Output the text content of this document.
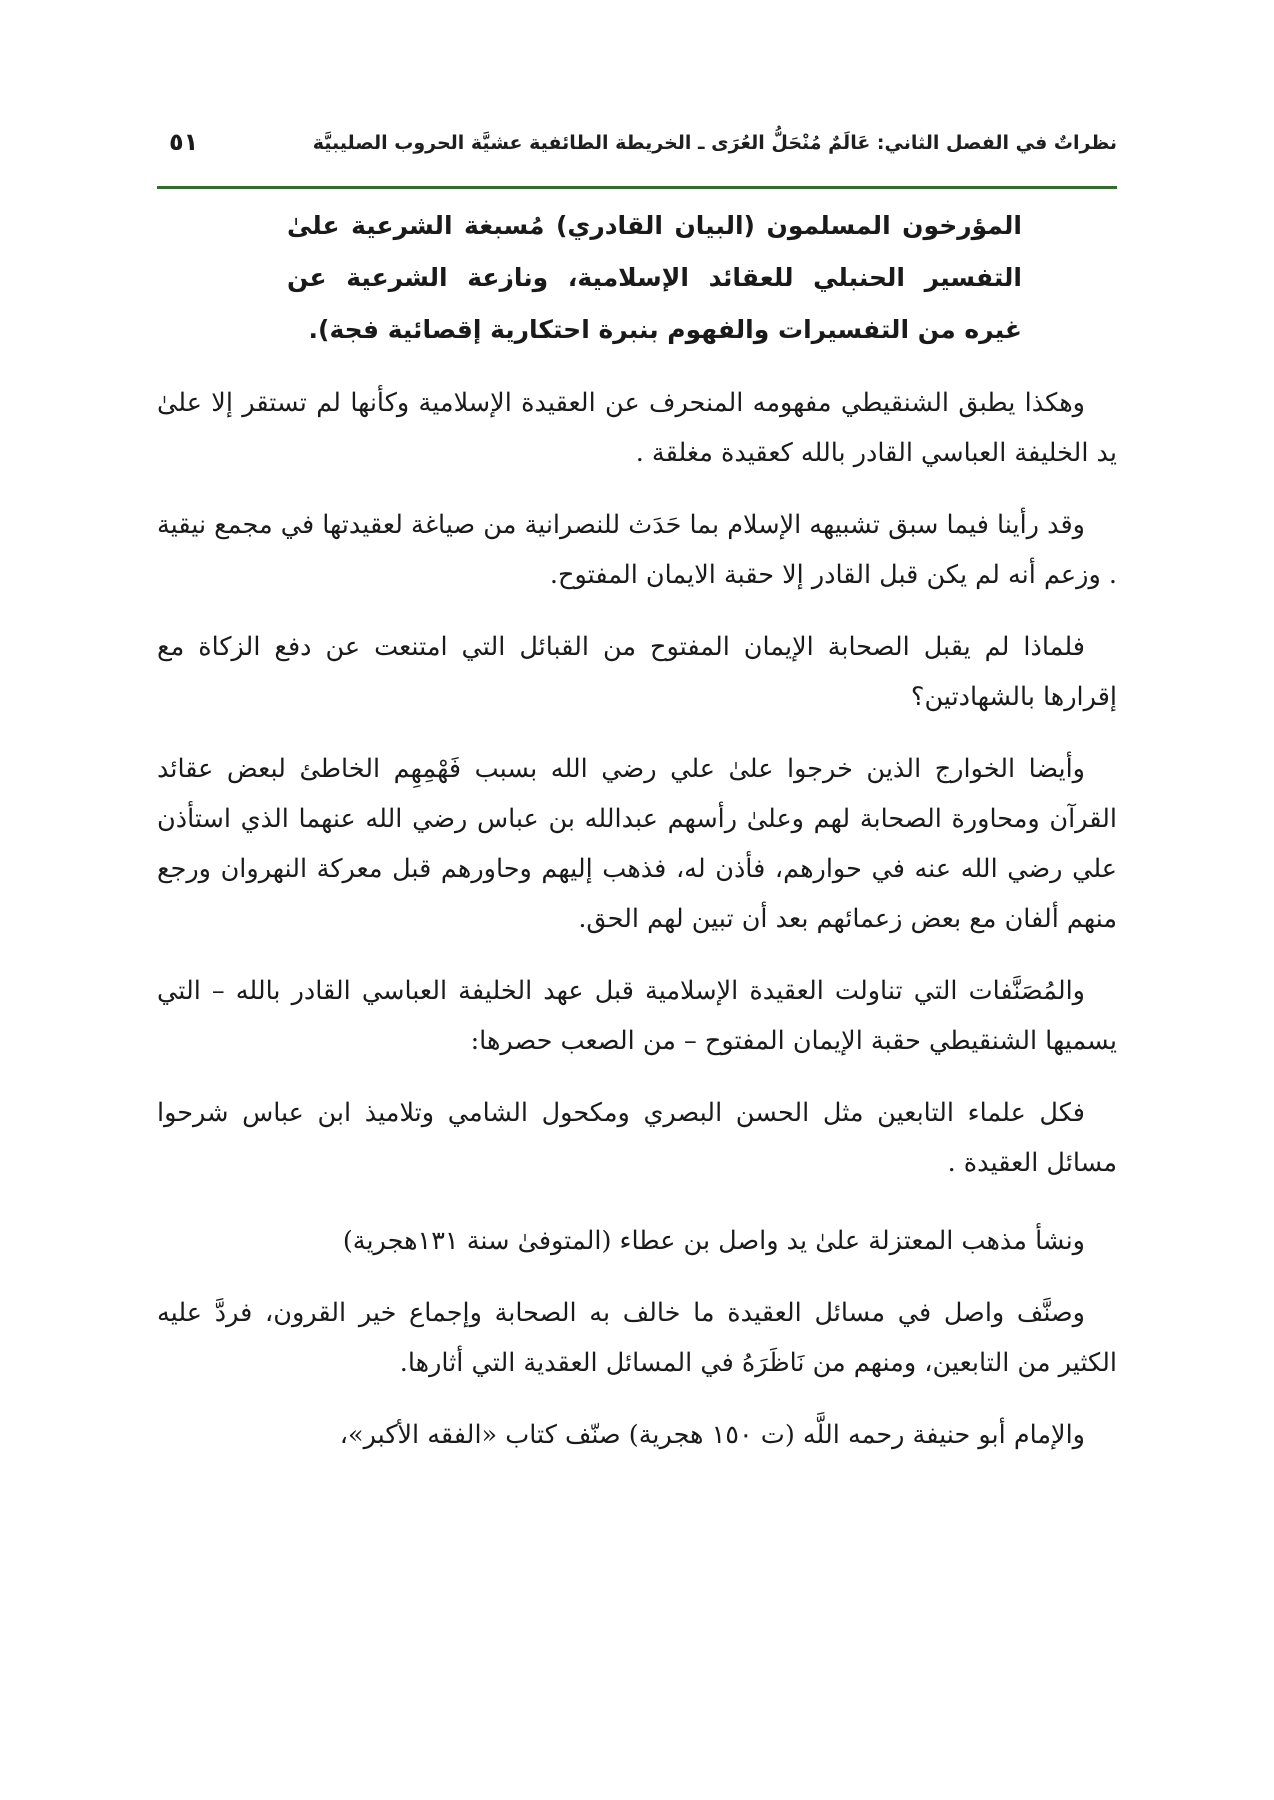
نظراتٌ في الفصل الثاني: عَالَمٌ مُنْحَلُّ العُرَى ـ الخريطة الطائفية عشيَّة الحروب الصليبيَّة
٥١

المؤرخون المسلمون (البيان القادري) مُسبغة الشرعية علىٰ التفسير الحنبلي للعقائد الإسلامية، ونازعة الشرعية عن غيره من التفسيرات والفهوم بنبرة احتكارية إقصائية فجة).

وهكذا يطبق الشنقيطي مفهومه المنحرف عن العقيدة الإسلامية وكأنها لم تستقر إلا علىٰ يد الخليفة العباسي القادر بالله كعقيدة مغلقة .

وقد رأينا فيما سبق تشبيهه الإسلام بما حَدَث للنصرانية من صياغة لعقيدتها في مجمع نيقية . وزعم أنه لم يكن قبل القادر إلا حقبة الايمان المفتوح.

فلماذا لم يقبل الصحابة الإيمان المفتوح من القبائل التي امتنعت عن دفع الزكاة مع إقرارها بالشهادتين؟

وأيضا الخوارج الذين خرجوا علىٰ علي رضي الله بسبب فَهْمِهِم الخاطئ لبعض عقائد القرآن ومحاورة الصحابة لهم وعلىٰ رأسهم عبدالله بن عباس رضي الله عنهما الذي استأذن علي رضي الله عنه في حوارهم، فأذن له، فذهب إليهم وحاورهم قبل معركة النهروان ورجع منهم ألفان مع بعض زعمائهم بعد أن تبين لهم الحق.

والمُصَنَّفات التي تناولت العقيدة الإسلامية قبل عهد الخليفة العباسي القادر بالله – التي يسميها الشنقيطي حقبة الإيمان المفتوح – من الصعب حصرها:

فكل علماء التابعين مثل الحسن البصري ومكحول الشامي وتلاميذ ابن عباس شرحوا مسائل العقيدة .

ونشأ مذهب المعتزلة علىٰ يد واصل بن عطاء (المتوفىٰ سنة ١٣١هجرية)

وصنَّف واصل في مسائل العقيدة ما خالف به الصحابة وإجماع خير القرون، فردَّ عليه الكثير من التابعين، ومنهم من نَاظَرَهُ في المسائل العقدية التي أثارها.

والإمام أبو حنيفة رحمه اللَّه (ت ١٥٠ هجرية) صنّف كتاب «الفقه الأكبر»،
